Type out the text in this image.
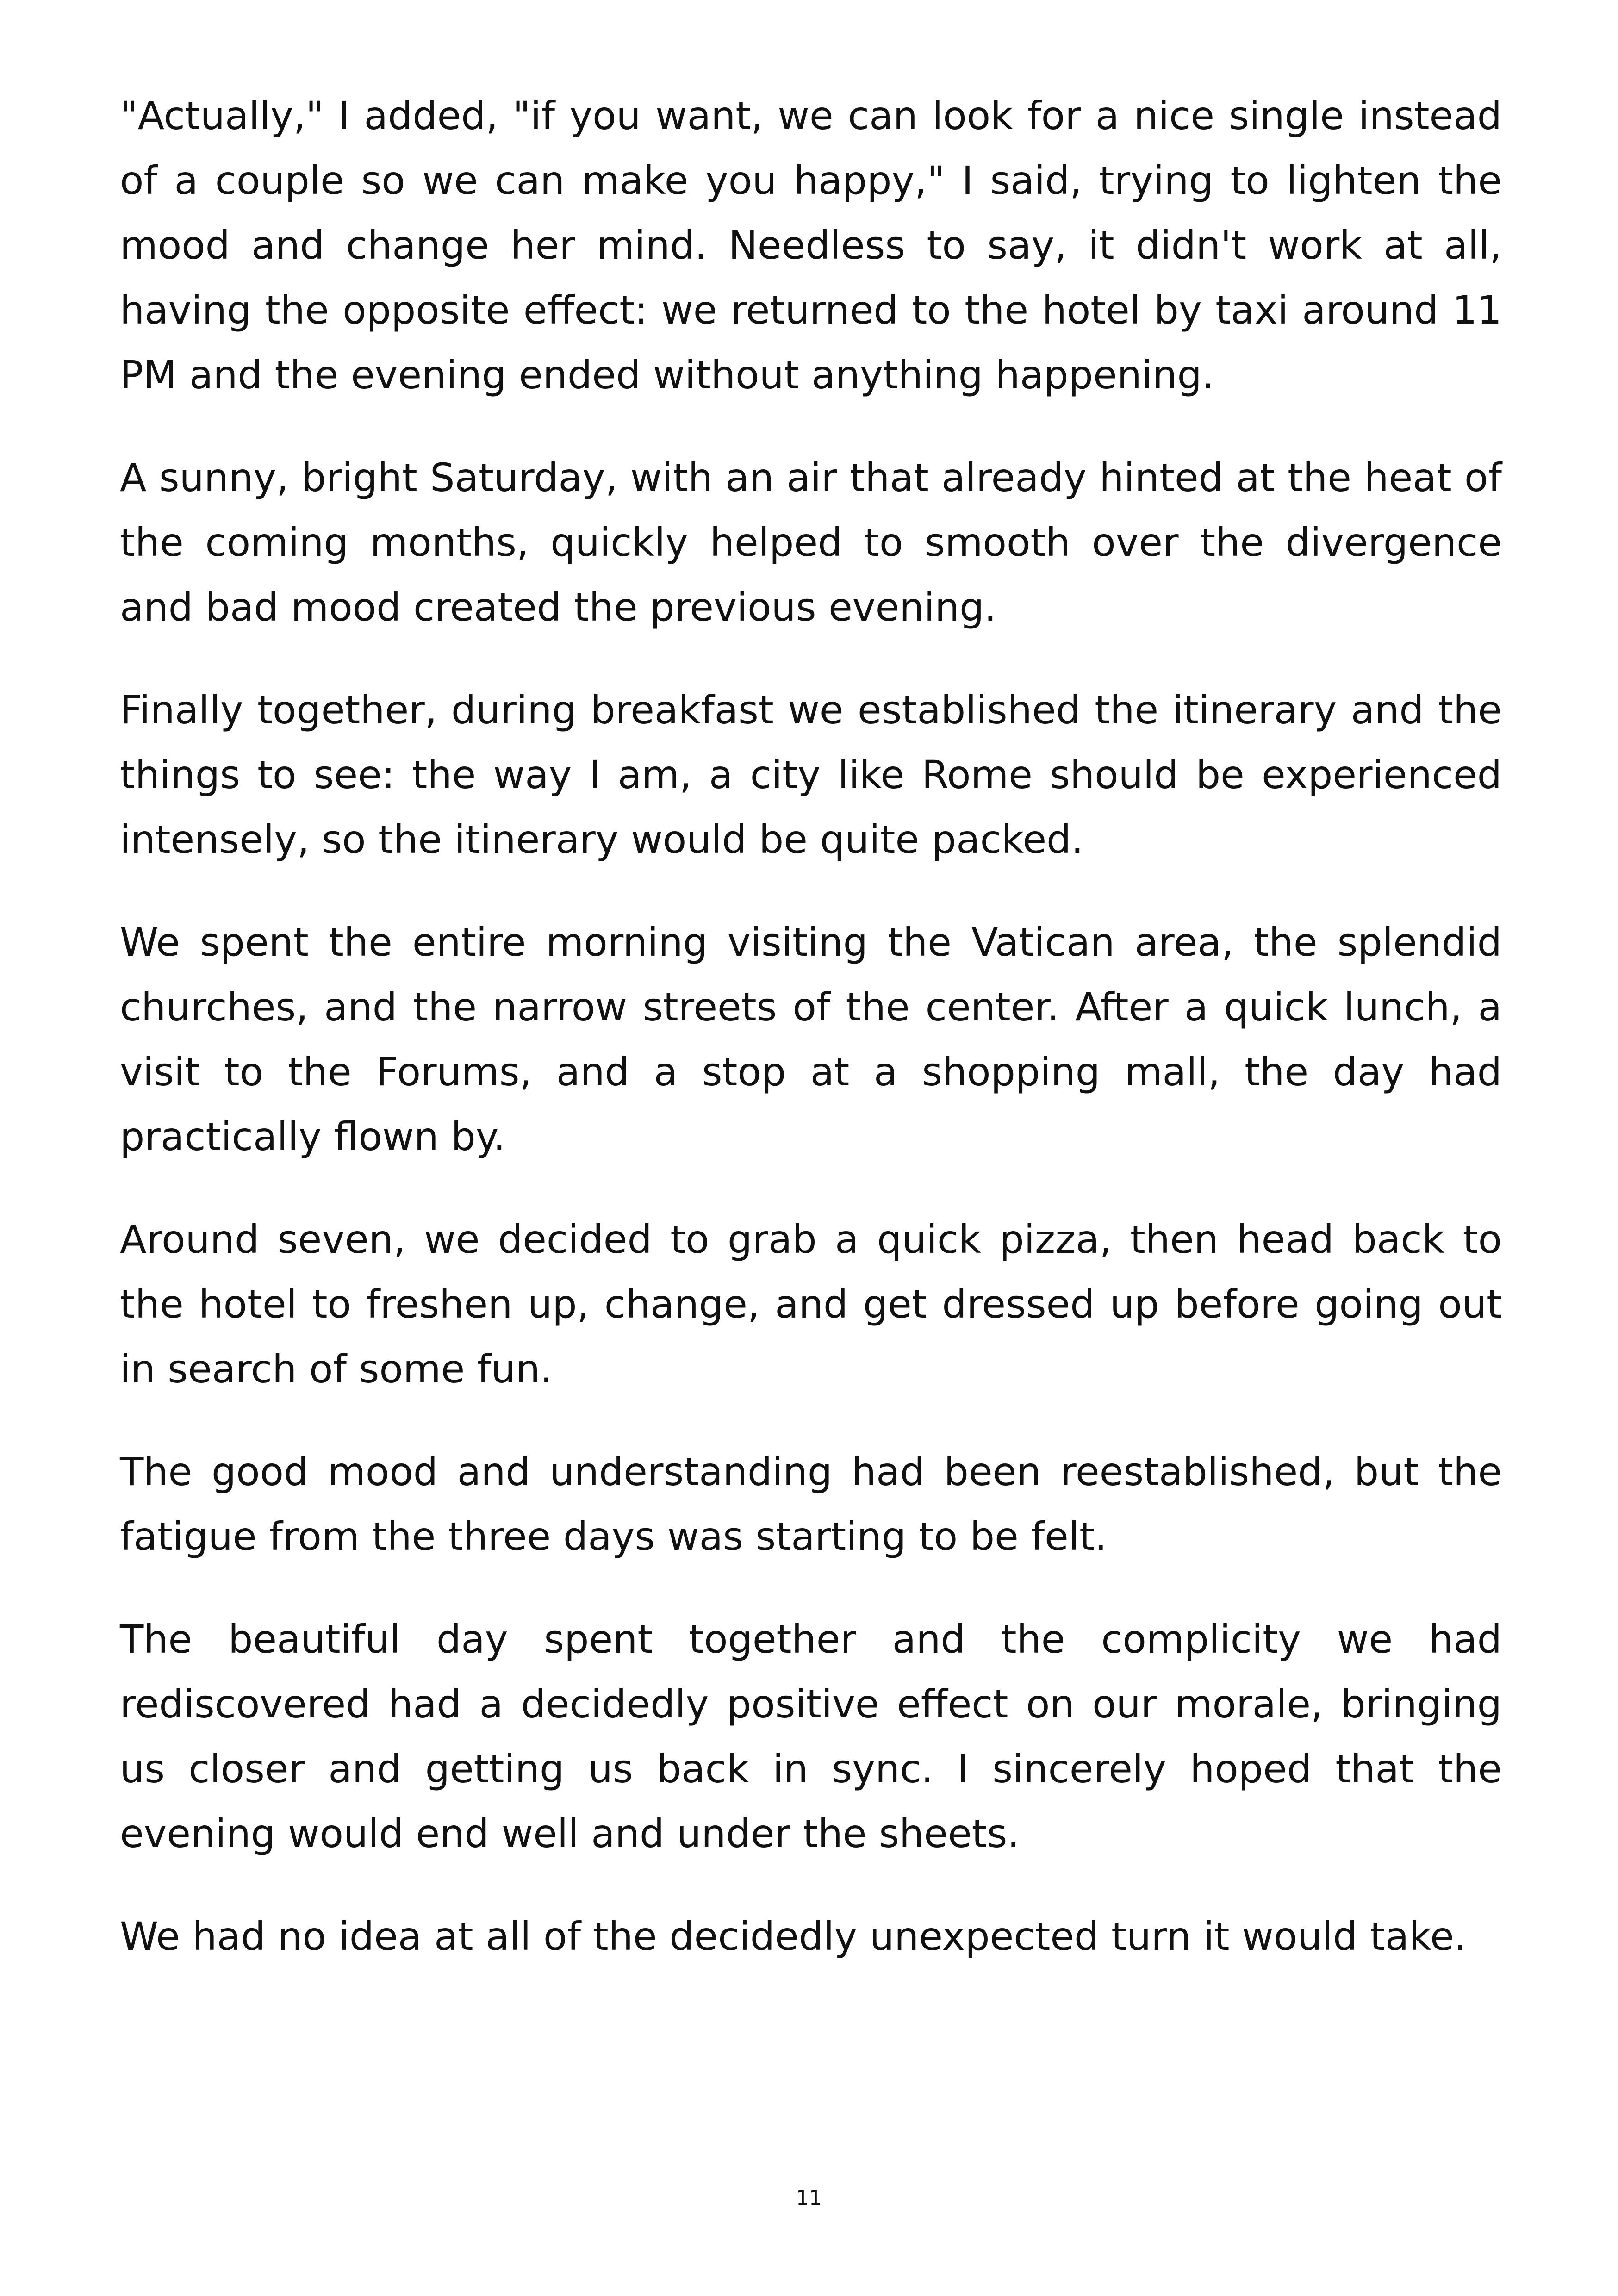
"Actually," I added, "if you want, we can look for a nice single instead of a couple so we can make you happy," I said, trying to lighten the mood and change her mind. Needless to say, it didn't work at all, having the opposite effect: we returned to the hotel by taxi around 11 PM and the evening ended without anything happening.

A sunny, bright Saturday, with an air that already hinted at the heat of the coming months, quickly helped to smooth over the divergence and bad mood created the previous evening.

Finally together, during breakfast we established the itinerary and the things to see: the way I am, a city like Rome should be experienced intensely, so the itinerary would be quite packed.

We spent the entire morning visiting the Vatican area, the splendid churches, and the narrow streets of the center. After a quick lunch, a visit to the Forums, and a stop at a shopping mall, the day had practically flown by.

Around seven, we decided to grab a quick pizza, then head back to the hotel to freshen up, change, and get dressed up before going out in search of some fun.

The good mood and understanding had been reestablished, but the fatigue from the three days was starting to be felt.

The beautiful day spent together and the complicity we had rediscovered had a decidedly positive effect on our morale, bringing us closer and getting us back in sync. I sincerely hoped that the evening would end well and under the sheets.

We had no idea at all of the decidedly unexpected turn it would take.

11
